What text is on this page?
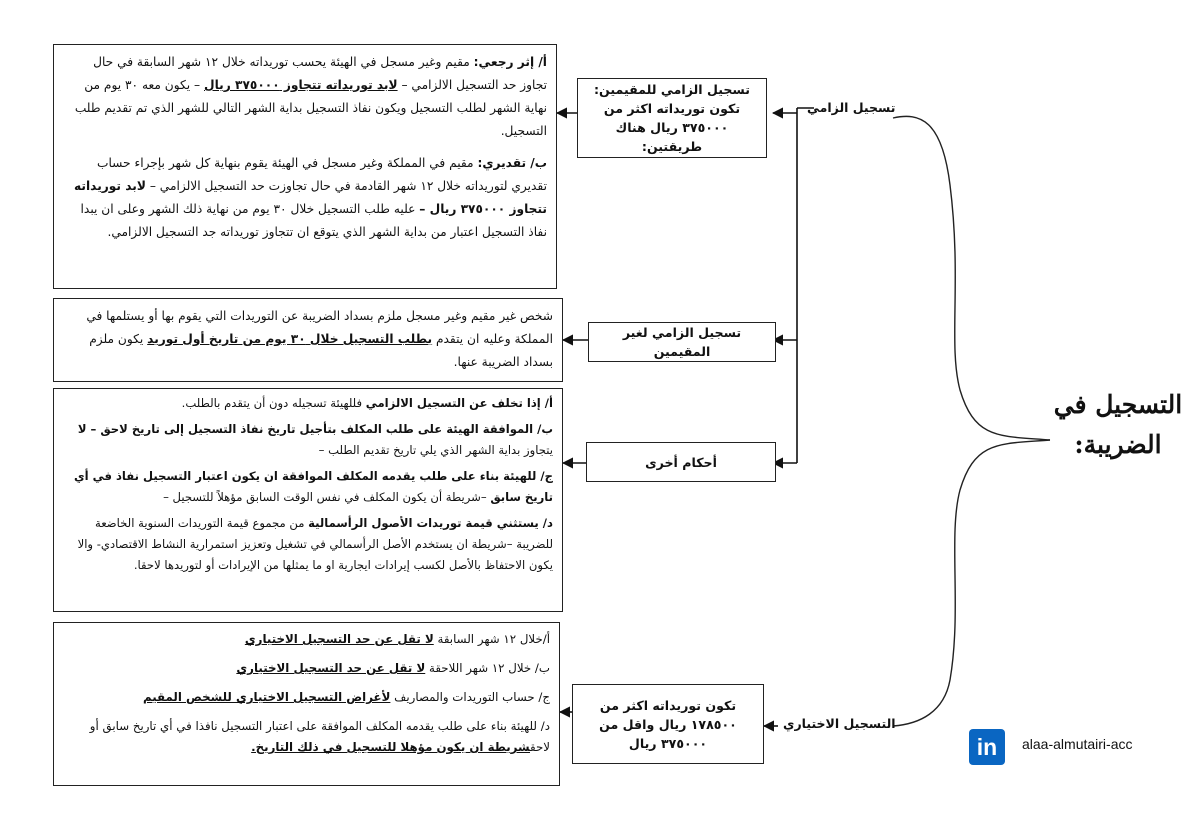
التسجيل في الضريبة:
تسجيل الزامي
التسجيل الاختياري
تسجيل الزامي للمقيمين: تكون توريداته اكثر من ٣٧٥٠٠٠ ريال هناك طريقتين:
تسجيل الزامي لغير المقيمين
أحكام أخرى
تكون توريداته اكثر من ١٧٨٥٠٠ ريال واقل من ٣٧٥٠٠٠ ريال

أ/ إثر رجعي: مقيم وغير مسجل في الهيئة يحسب توريداته خلال ١٢ شهر السابقة في حال تجاوز حد التسجيل الالزامي – لابد توريداته تتجاوز ٣٧٥٠٠٠ ريال – يكون معه ٣٠ يوم من نهاية الشهر لطلب التسجيل ويكون نفاذ التسجيل بداية الشهر التالي للشهر الذي تم تقديم طلب التسجيل.

ب/ تقديري: مقيم في المملكة وغير مسجل في الهيئة يقوم بنهاية كل شهر بإجراء حساب تقديري لتوريداته خلال ١٢ شهر القادمة في حال تجاوزت حد التسجيل الالزامي – لابد توريداته تتجاوز ٣٧٥٠٠٠ ريال – عليه طلب التسجيل خلال ٣٠ يوم من نهاية ذلك الشهر وعلى ان يبدا نفاذ التسجيل اعتبار من بداية الشهر الذي يتوقع ان تتجاوز توريداته جد التسجيل الالزامي.

شخص غير مقيم وغير مسجل ملزم بسداد الضريبة عن التوريدات التي يقوم بها أو يستلمها في المملكة وعليه ان يتقدم بطلب التسجيل خلال ٣٠ يوم من تاريخ أول توريد يكون ملزم بسداد الضريبة عنها.

أ/ إذا تخلف عن التسجيل الالزامي فللهيئة تسجيله دون أن يتقدم بالطلب.

ب/ الموافقة الهيئة على طلب المكلف بتأجيل تاريخ نفاذ التسجيل إلى تاريخ لاحق – لا يتجاوز بداية الشهر الذي يلي تاريخ تقديم الطلب –

ج/ للهيئة بناء على طلب يقدمه المكلف الموافقة ان يكون اعتبار التسجيل نفاذ في أي تاريخ سابق –شريطة أن يكون المكلف في نفس الوقت السابق مؤهلاً للتسجيل –

د/ يستثني قيمة توريدات الأصول الرأسمالية من مجموع قيمة التوريدات السنوية الخاضعة للضريبة –شريطة ان يستخدم الأصل الرأسمالي في تشغيل وتعزيز استمرارية النشاط الاقتصادي- والا يكون الاحتفاظ بالأصل لكسب إيرادات ايجارية او ما يمثلها من الإيرادات أو لتوريدها لاحقا.

أ/خلال ١٢ شهر السابقة لا تقل عن حد التسجيل الاختياري

ب/ خلال ١٢ شهر اللاحقة لا تقل عن حد التسجيل الاختياري

ج/ حساب التوريدات والمصاريف لأغراض التسجيل الاختياري للشخص المقيم

د/ للهيئة بناء على طلب يقدمه المكلف الموافقة على اعتبار التسجيل نافذا في أي تاريخ سابق أو لاحقشريطة ان يكون مؤهلا للتسجيل في ذلك التاريخ.	in	alaa-almutairi-acc
